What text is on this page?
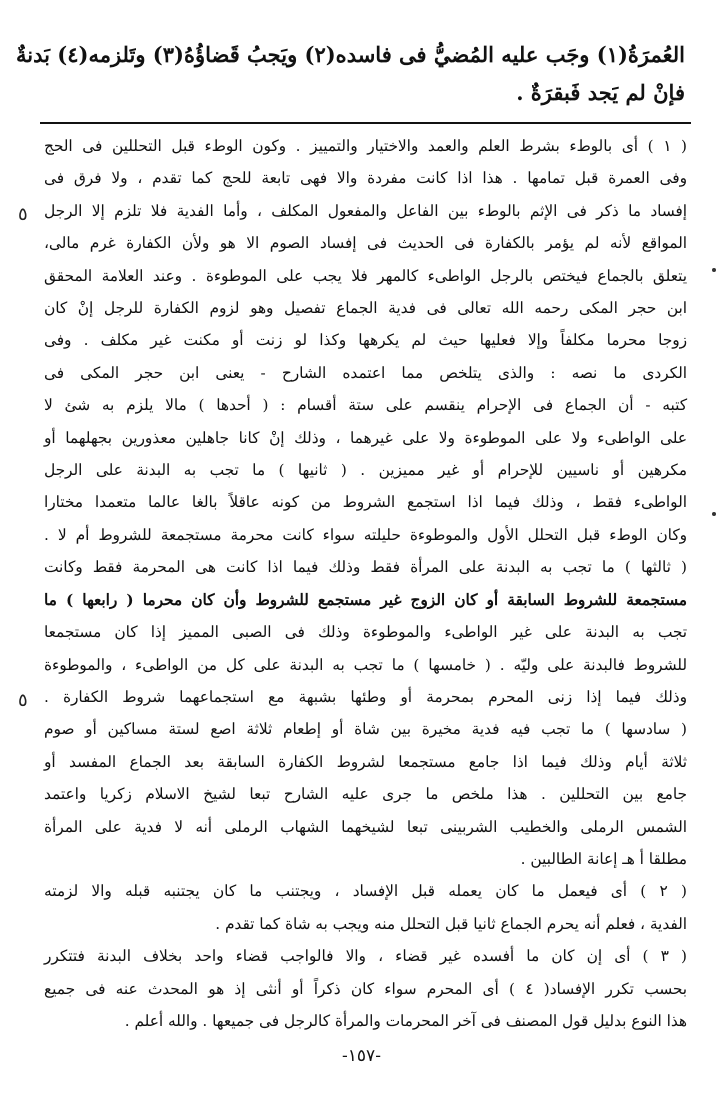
العُمرَةُ(١) وجَب عليه المُضيُّ فى فاسده(٢) ويَجبُ قَضاؤُهُ(٣) وتَلزمه(٤) بَدنةٌ
فإنْ لم يَجد فَبقرَةٌ .
( ١ ) أى بالوطء بشرط العلم والعمد والاختيار والتمييز . وكون الوطء قبل التحللين فى الحج
وفى العمرة قبل تمامها . هذا اذا كانت مفردة والا فهى تابعة للحج كما تقدم ، ولا فرق فى
إفساد ما ذكر فى الإثم بالوطء بين الفاعل والمفعول المكلف ، وأما الفدية فلا تلزم إلا الرجل
المواقع لأنه لم يؤمر بالكفارة فى الحديث فى إفساد الصوم الا هو ولأن الكفارة غرم مالى،
يتعلق بالجماع فيختص بالرجل الواطىء كالمهر فلا يجب على الموطوءة . وعند العلامة المحقق
ابن حجر المكى رحمه الله تعالى فى فدية الجماع تفصيل وهو لزوم الكفارة للرجل إنْ كان
زوجا محرما مكلفاً وإلا فعليها حيث لم يكرهها وكذا لو زنت أو مكنت غير مكلف . وفى
الكردى ما نصه : والذى يتلخص مما اعتمده الشارح - يعنى ابن حجر المكى فى
كتبه - أن الجماع فى الإحرام ينقسم على ستة أقسام : ( أحدها ) مالا يلزم به شئ لا
على الواطىء ولا على الموطوءة ولا على غيرهما ، وذلك إنْ كانا جاهلين معذورين بجهلهما أو
مكرهين أو ناسيين للإحرام أو غير مميزين . ( ثانيها ) ما تجب به البدنة على الرجل
الواطىء فقط ، وذلك فيما اذا استجمع الشروط من كونه عاقلاً بالغا عالما متعمدا مختارا
وكان الوطء قبل التحلل الأول والموطوءة حليلته سواء كانت محرمة مستجمعة للشروط أم لا .
( ثالثها ) ما تجب به البدنة على المرأة فقط وذلك فيما اذا كانت هى المحرمة فقط وكانت
مستجمعة للشروط السابقة أو كان الزوج غير مستجمع للشروط وأن كان محرما ( رابعها ) ما
تجب به البدنة على غير الواطىء والموطوءة وذلك فى الصبى المميز إذا كان مستجمعا
للشروط فالبدنة على وليّه . ( خامسها ) ما تجب به البدنة على كل من الواطىء ، والموطوءة
وذلك فيما إذا زنى المحرم بمحرمة أو وطئها بشبهة مع استجماعهما شروط الكفارة .
( سادسها ) ما تجب فيه فدية مخيرة بين شاة أو إطعام ثلاثة اصع لستة مساكين أو صوم
ثلاثة أيام وذلك فيما اذا جامع مستجمعا لشروط الكفارة السابقة بعد الجماع المفسد أو
جامع بين التحللين . هذا ملخص ما جرى عليه الشارح تبعا لشيخ الاسلام زكريا واعتمد
الشمس الرملى والخطيب الشربينى تبعا لشيخهما الشهاب الرملى أنه لا فدية على المرأة
مطلقا أ هـ إعانة الطالبين .
( ٢ ) أى فيعمل ما كان يعمله قبل الإفساد ، ويجتنب ما كان يجتنبه قبله والا لزمته
الفدية ، فعلم أنه يحرم الجماع ثانيا قبل التحلل منه ويجب به شاة كما تقدم .
( ٣ ) أى إن كان ما أفسده غير قضاء ، والا فالواجب قضاء واحد بخلاف البدنة فتتكرر
بحسب تكرر الإفساد( ٤ ) أى المحرم سواء كان ذكراً أو أنثى إذ هو المحدث عنه فى جميع
هذا النوع بدليل قول المصنف فى آخر المحرمات والمرأة كالرجل فى جميعها . والله أعلم .
٥
٥
-١٥٧-
